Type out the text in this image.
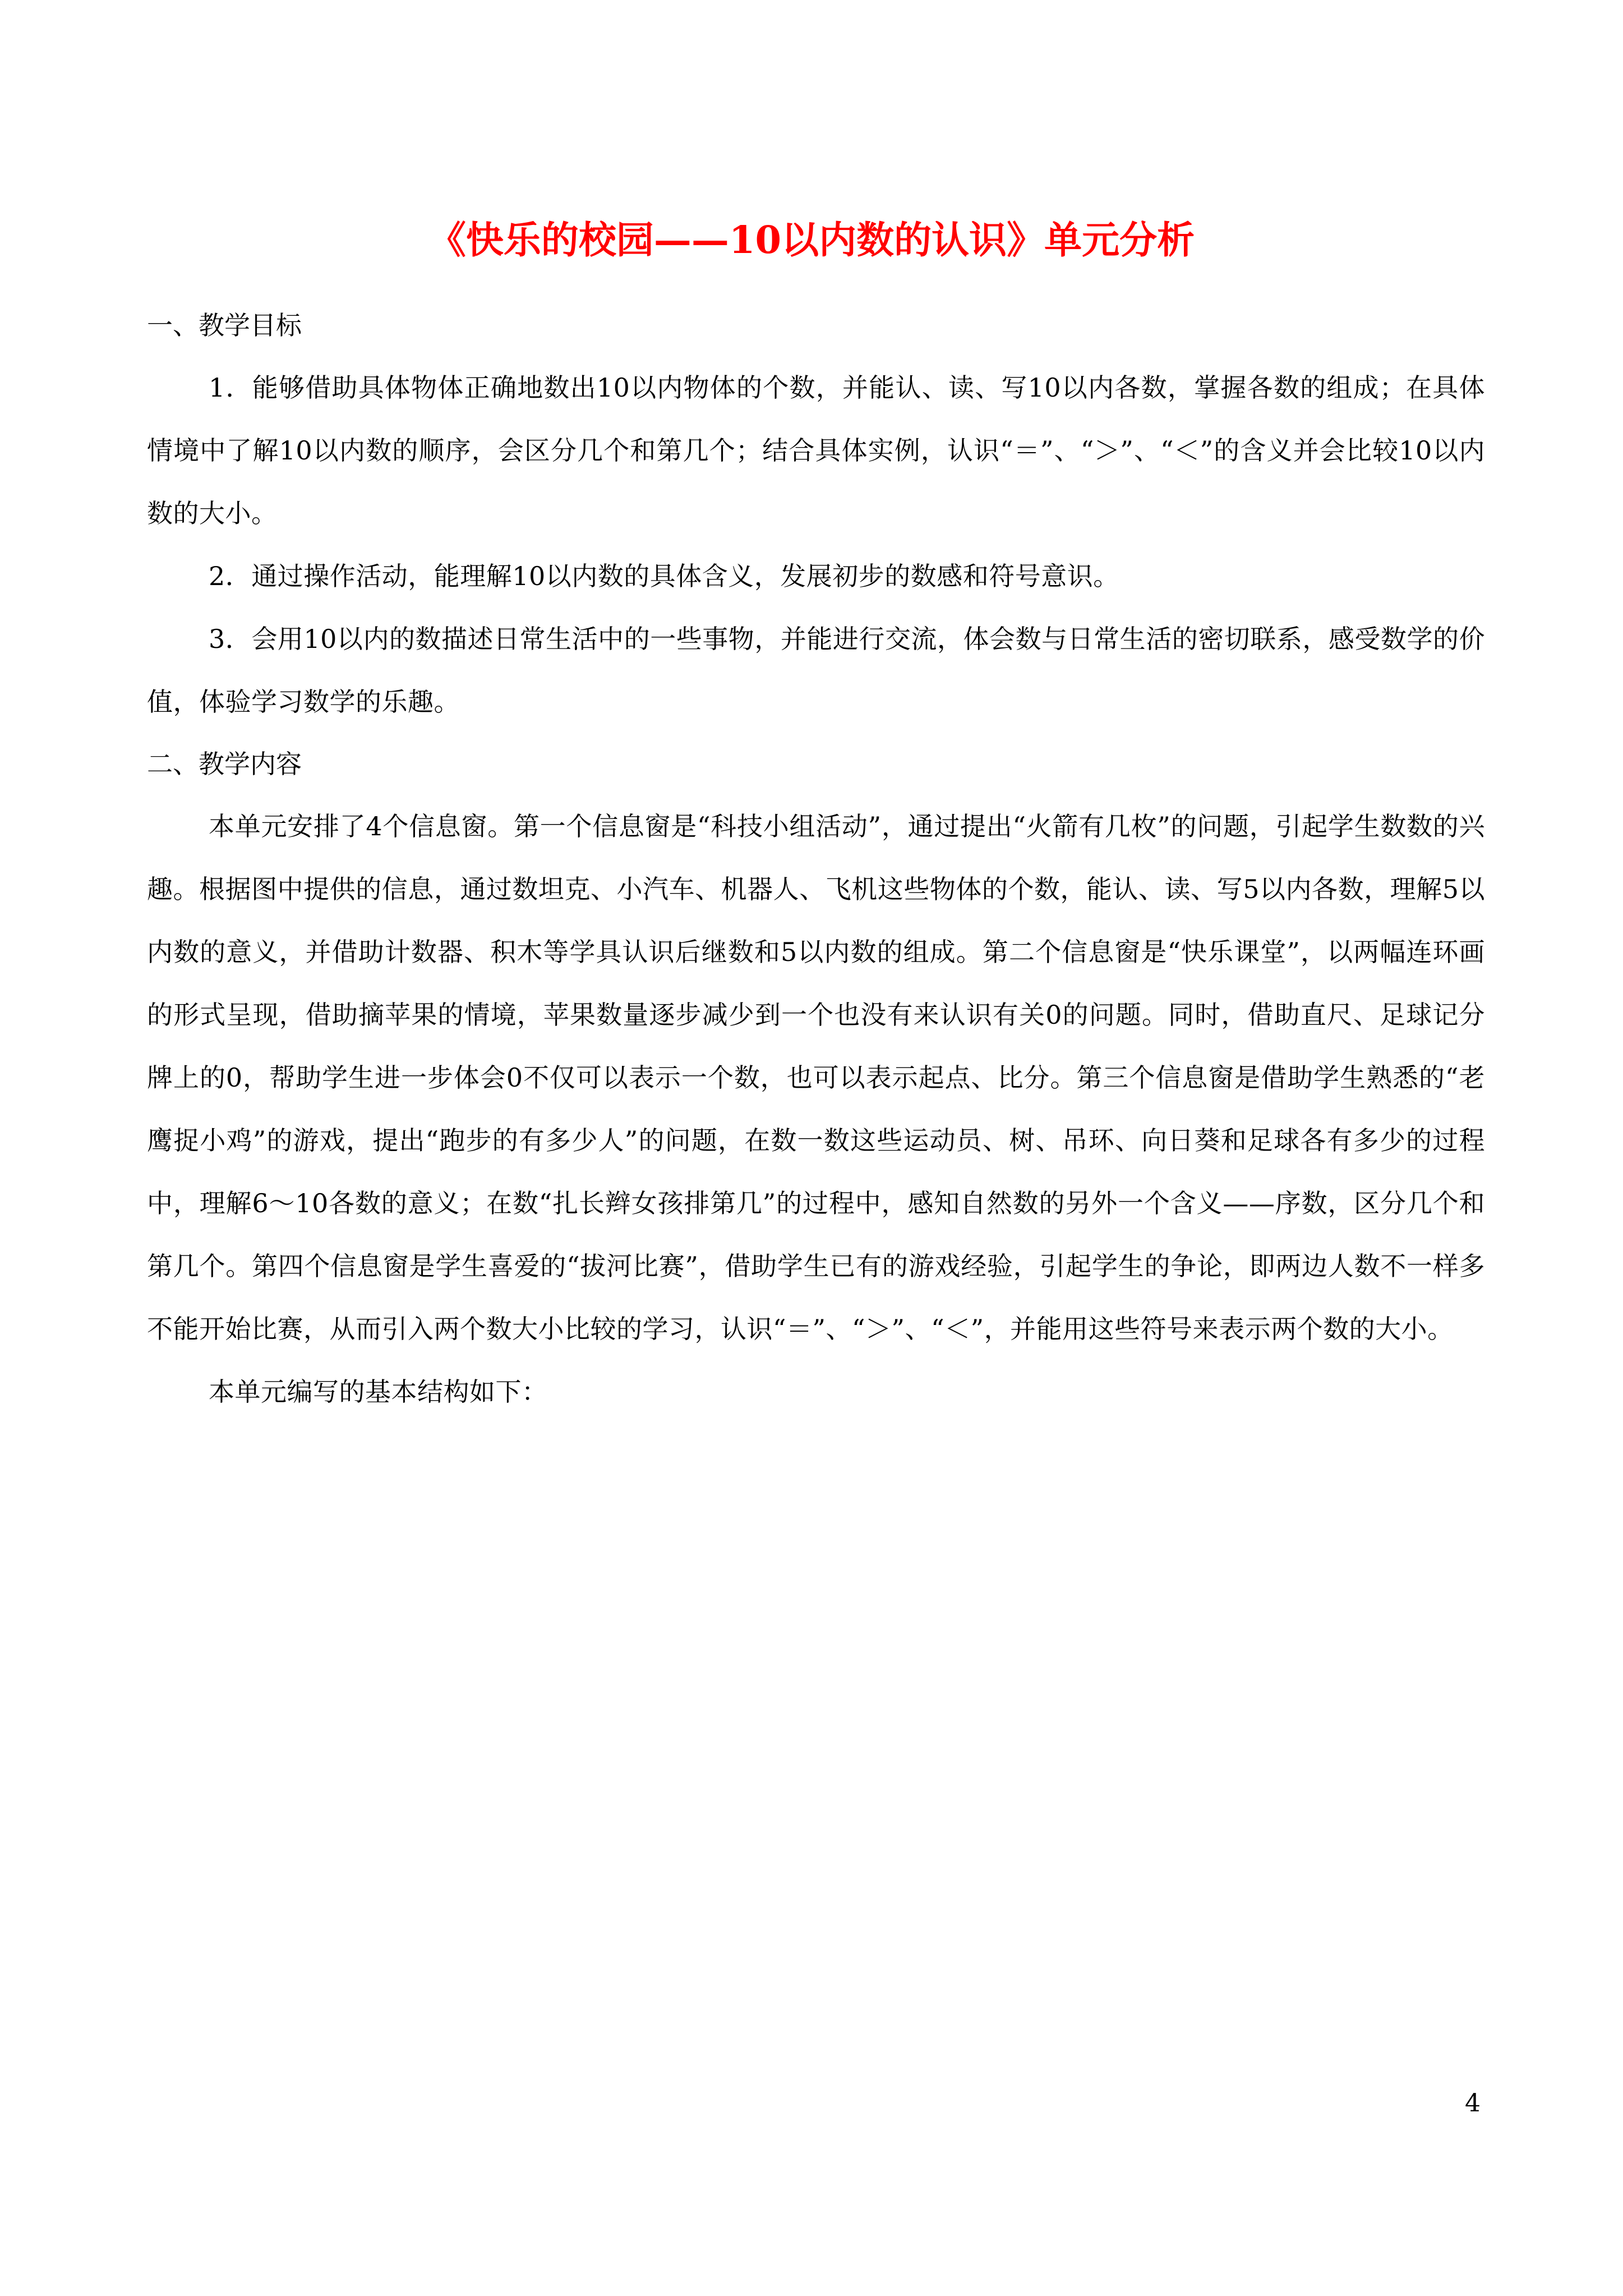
《快乐的校园——10以内数的认识》单元分析
一、教学目标

1．能够借助具体物体正确地数出10以内物体的个数，并能认、读、写10以内各数，掌握各数的组成；在具体情境中了解10以内数的顺序，会区分几个和第几个；结合具体实例，认识“＝”、“＞”、“＜”的含义并会比较10以内数的大小。

2．通过操作活动，能理解10以内数的具体含义，发展初步的数感和符号意识。

3．会用10以内的数描述日常生活中的一些事物，并能进行交流，体会数与日常生活的密切联系，感受数学的价值，体验学习数学的乐趣。

二、教学内容

本单元安排了4个信息窗。第一个信息窗是“科技小组活动”，通过提出“火箭有几枚”的问题，引起学生数数的兴趣。根据图中提供的信息，通过数坦克、小汽车、机器人、飞机这些物体的个数，能认、读、写5以内各数，理解5以内数的意义，并借助计数器、积木等学具认识后继数和5以内数的组成。第二个信息窗是“快乐课堂”，以两幅连环画的形式呈现，借助摘苹果的情境，苹果数量逐步减少到一个也没有来认识有关0的问题。同时，借助直尺、足球记分牌上的0，帮助学生进一步体会0不仅可以表示一个数，也可以表示起点、比分。第三个信息窗是借助学生熟悉的“老鹰捉小鸡”的游戏，提出“跑步的有多少人”的问题，在数一数这些运动员、树、吊环、向日葵和足球各有多少的过程中，理解6～10各数的意义；在数“扎长辫女孩排第几”的过程中，感知自然数的另外一个含义——序数，区分几个和第几个。第四个信息窗是学生喜爱的“拔河比赛”，借助学生已有的游戏经验，引起学生的争论，即两边人数不一样多不能开始比赛，从而引入两个数大小比较的学习，认识“＝”、“＞”、“＜”，并能用这些符号来表示两个数的大小。

本单元编写的基本结构如下：

4
